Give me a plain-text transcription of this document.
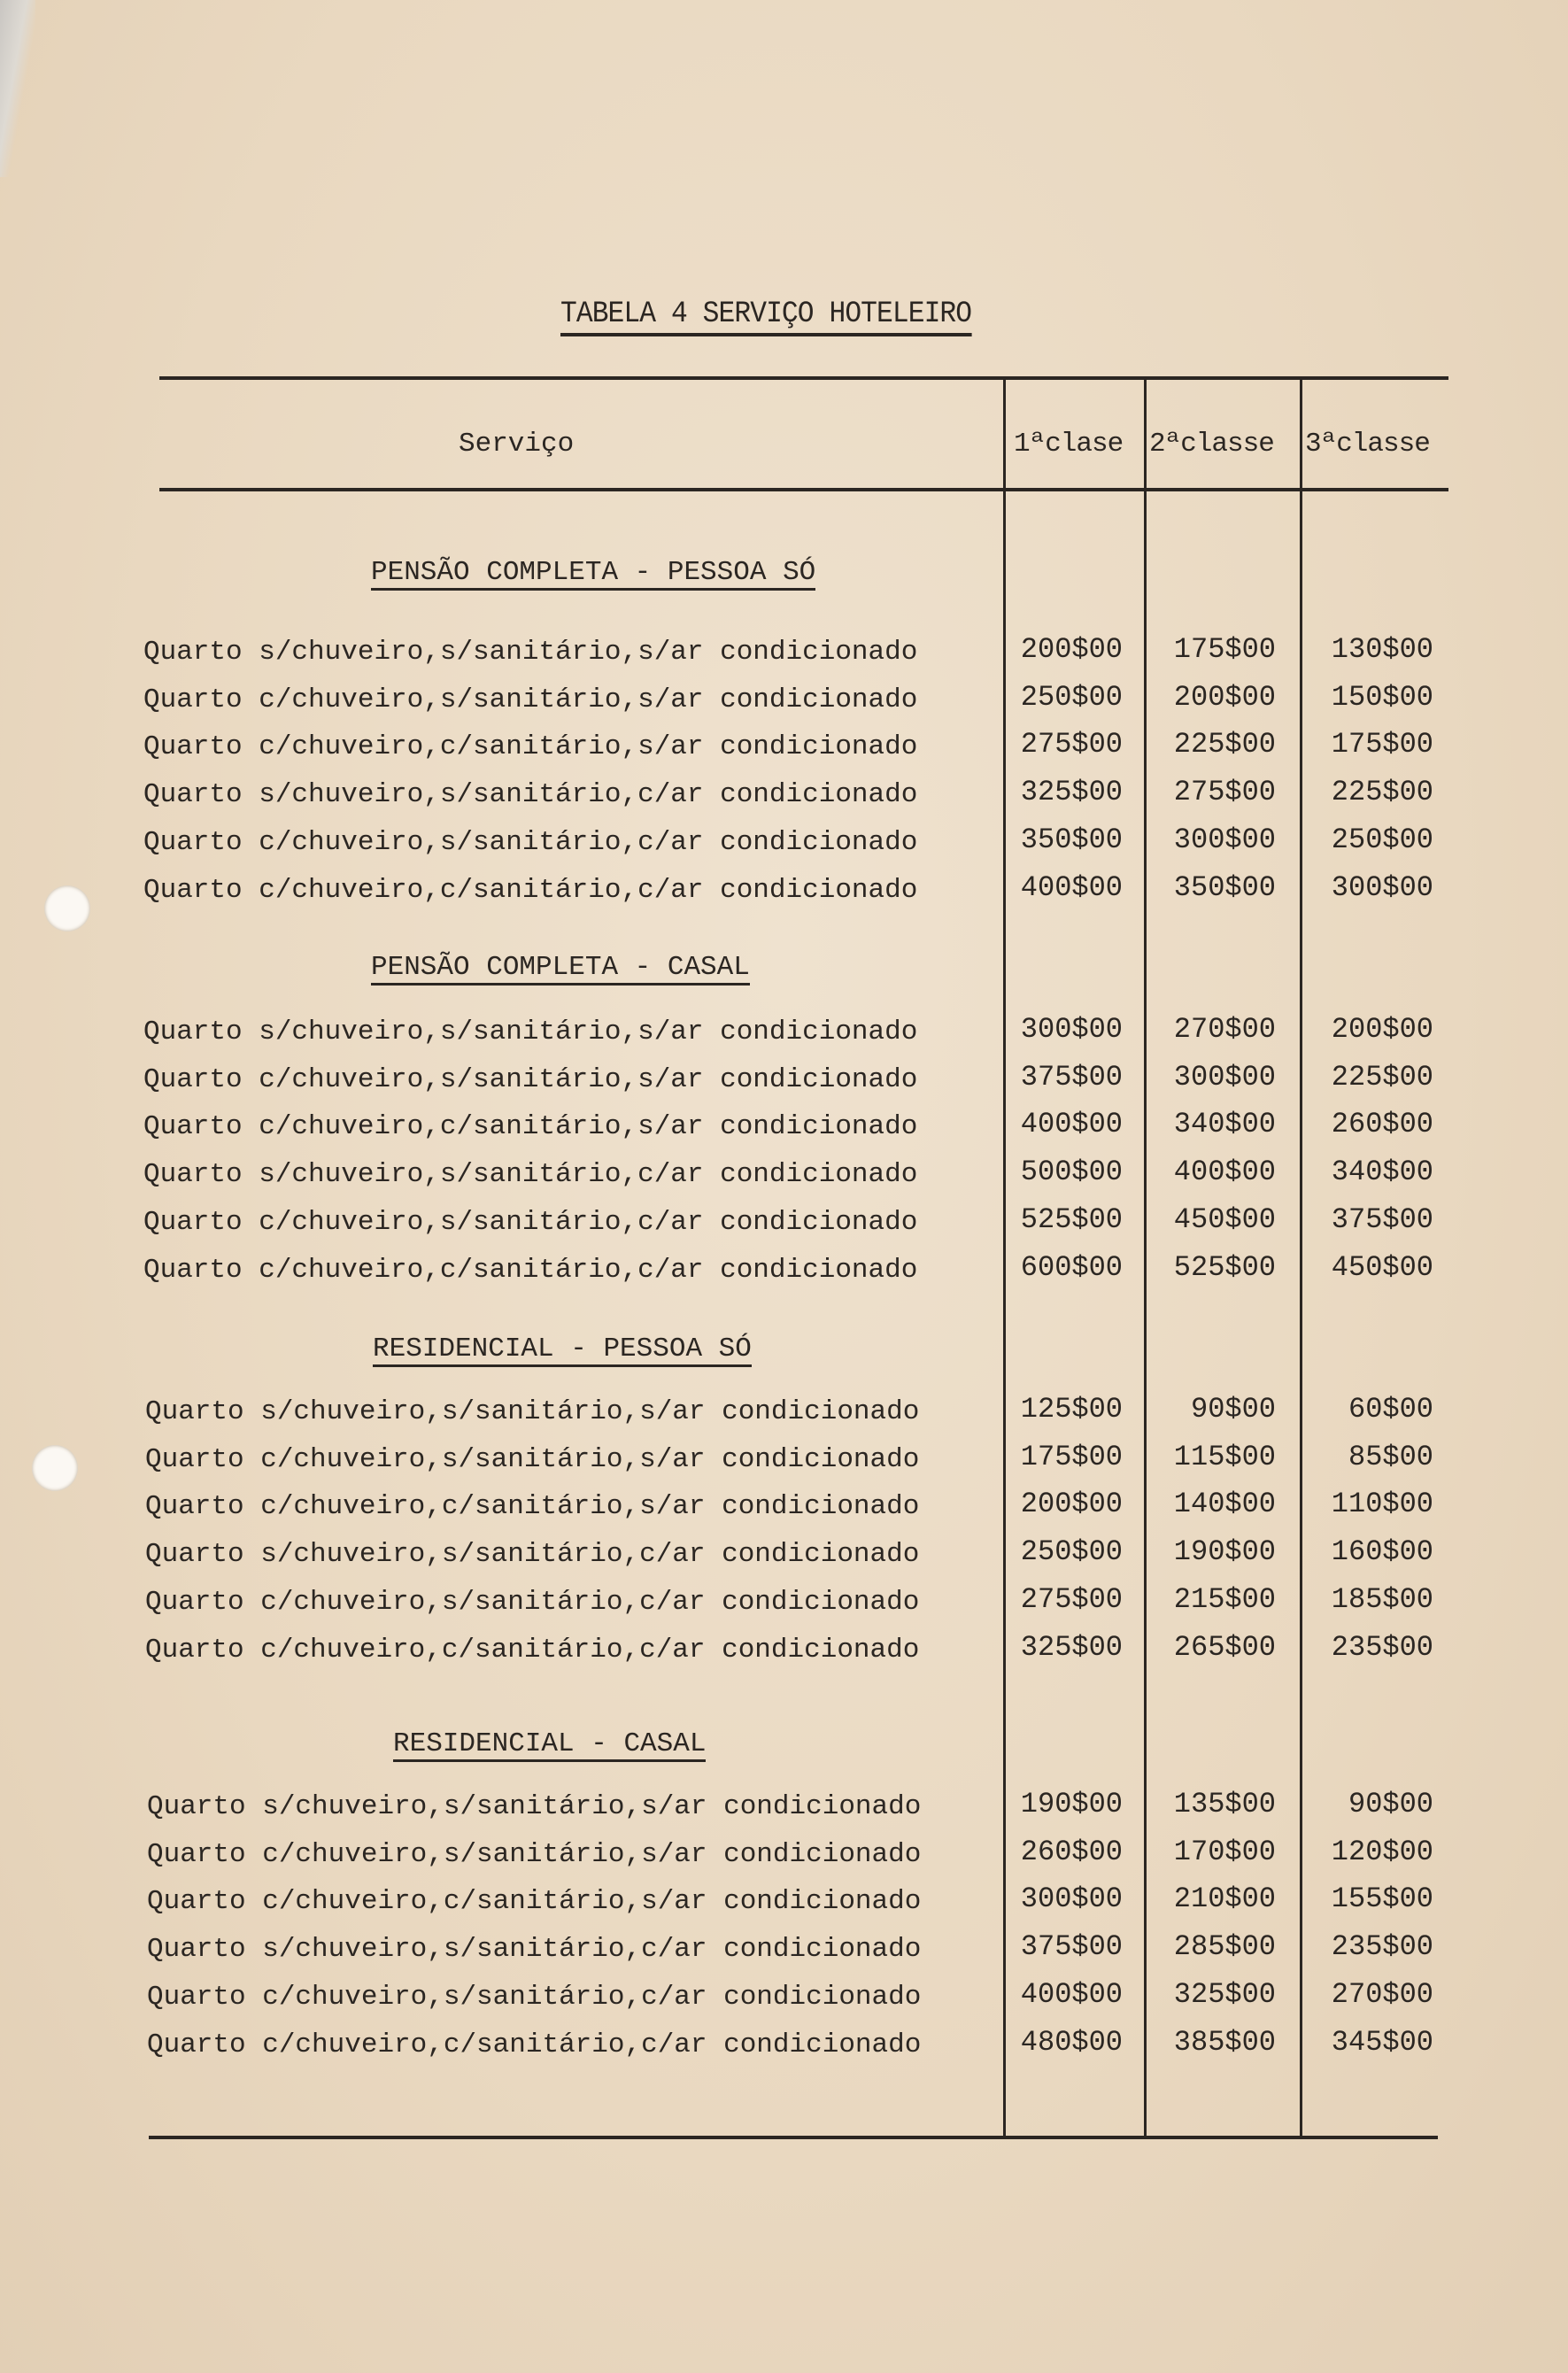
TABELA 4 SERVIÇO HOTELEIRO
Serviço	1ªclase 2ªclasse 3ªclasse
PENSÃO COMPLETA - PESSOA SÓ
Quarto s/chuveiro,s/sanitário,s/ar condicionado	200$00	175$00	130$00
Quarto c/chuveiro,s/sanitário,s/ar condicionado	250$00	200$00	150$00
Quarto c/chuveiro,c/sanitário,s/ar condicionado	275$00	225$00	175$00
Quarto s/chuveiro,s/sanitário,c/ar condicionado	325$00	275$00	225$00
Quarto c/chuveiro,s/sanitário,c/ar condicionado	350$00	300$00	250$00
Quarto c/chuveiro,c/sanitário,c/ar condicionado	400$00	350$00	300$00
PENSÃO COMPLETA - CASAL
Quarto s/chuveiro,s/sanitário,s/ar condicionado	300$00	270$00	200$00
Quarto c/chuveiro,s/sanitário,s/ar condicionado	375$00	300$00	225$00
Quarto c/chuveiro,c/sanitário,s/ar condicionado	400$00	340$00	260$00
Quarto s/chuveiro,s/sanitário,c/ar condicionado	500$00	400$00	340$00
Quarto c/chuveiro,s/sanitário,c/ar condicionado	525$00	450$00	375$00
Quarto c/chuveiro,c/sanitário,c/ar condicionado	600$00	525$00	450$00
RESIDENCIAL - PESSOA SÓ
Quarto s/chuveiro,s/sanitário,s/ar condicionado	125$00	90$00	60$00
Quarto c/chuveiro,s/sanitário,s/ar condicionado	175$00	115$00	85$00
Quarto c/chuveiro,c/sanitário,s/ar condicionado	200$00	140$00	110$00
Quarto s/chuveiro,s/sanitário,c/ar condicionado	250$00	190$00	160$00
Quarto c/chuveiro,s/sanitário,c/ar condicionado	275$00	215$00	185$00
Quarto c/chuveiro,c/sanitário,c/ar condicionado	325$00	265$00	235$00
RESIDENCIAL - CASAL
Quarto s/chuveiro,s/sanitário,s/ar condicionado	190$00	135$00	90$00
Quarto c/chuveiro,s/sanitário,s/ar condicionado	260$00	170$00	120$00
Quarto c/chuveiro,c/sanitário,s/ar condicionado	300$00	210$00	155$00
Quarto s/chuveiro,s/sanitário,c/ar condicionado	375$00	285$00	235$00
Quarto c/chuveiro,s/sanitário,c/ar condicionado	400$00	325$00	270$00
Quarto c/chuveiro,c/sanitário,c/ar condicionado	480$00	385$00	345$00
